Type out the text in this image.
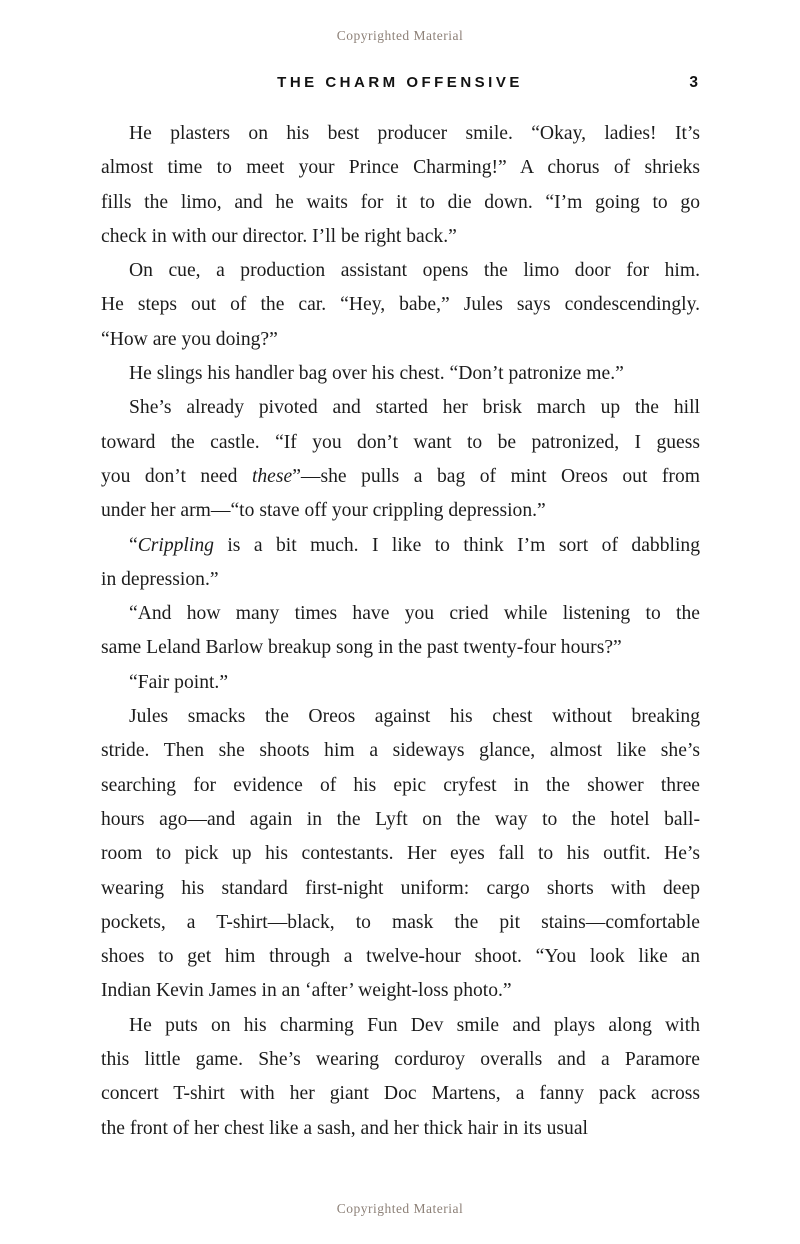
Copyrighted Material
THE CHARM OFFENSIVE	3
He plasters on his best producer smile. “Okay, ladies! It’s
almost time to meet your Prince Charming!” A chorus of shrieks
fills the limo, and he waits for it to die down. “I’m going to go
check in with our director. I’ll be right back.”
On cue, a production assistant opens the limo door for him.
He steps out of the car. “Hey, babe,” Jules says condescendingly.
“How are you doing?”
He slings his handler bag over his chest. “Don’t patronize me.”
She’s already pivoted and started her brisk march up the hill
toward the castle. “If you don’t want to be patronized, I guess
you don’t need these”—she pulls a bag of mint Oreos out from
under her arm—“to stave off your crippling depression.”
“Crippling is a bit much. I like to think I’m sort of dabbling
in depression.”
“And how many times have you cried while listening to the
same Leland Barlow breakup song in the past twenty-four hours?”
“Fair point.”
Jules smacks the Oreos against his chest without breaking
stride. Then she shoots him a sideways glance, almost like she’s
searching for evidence of his epic cryfest in the shower three
hours ago—and again in the Lyft on the way to the hotel ball-
room to pick up his contestants. Her eyes fall to his outfit. He’s
wearing his standard first-night uniform: cargo shorts with deep
pockets, a T-shirt—black, to mask the pit stains—comfortable
shoes to get him through a twelve-hour shoot. “You look like an
Indian Kevin James in an ‘after’ weight-loss photo.”
He puts on his charming Fun Dev smile and plays along with
this little game. She’s wearing corduroy overalls and a Paramore
concert T-shirt with her giant Doc Martens, a fanny pack across
the front of her chest like a sash, and her thick hair in its usual
Copyrighted Material
